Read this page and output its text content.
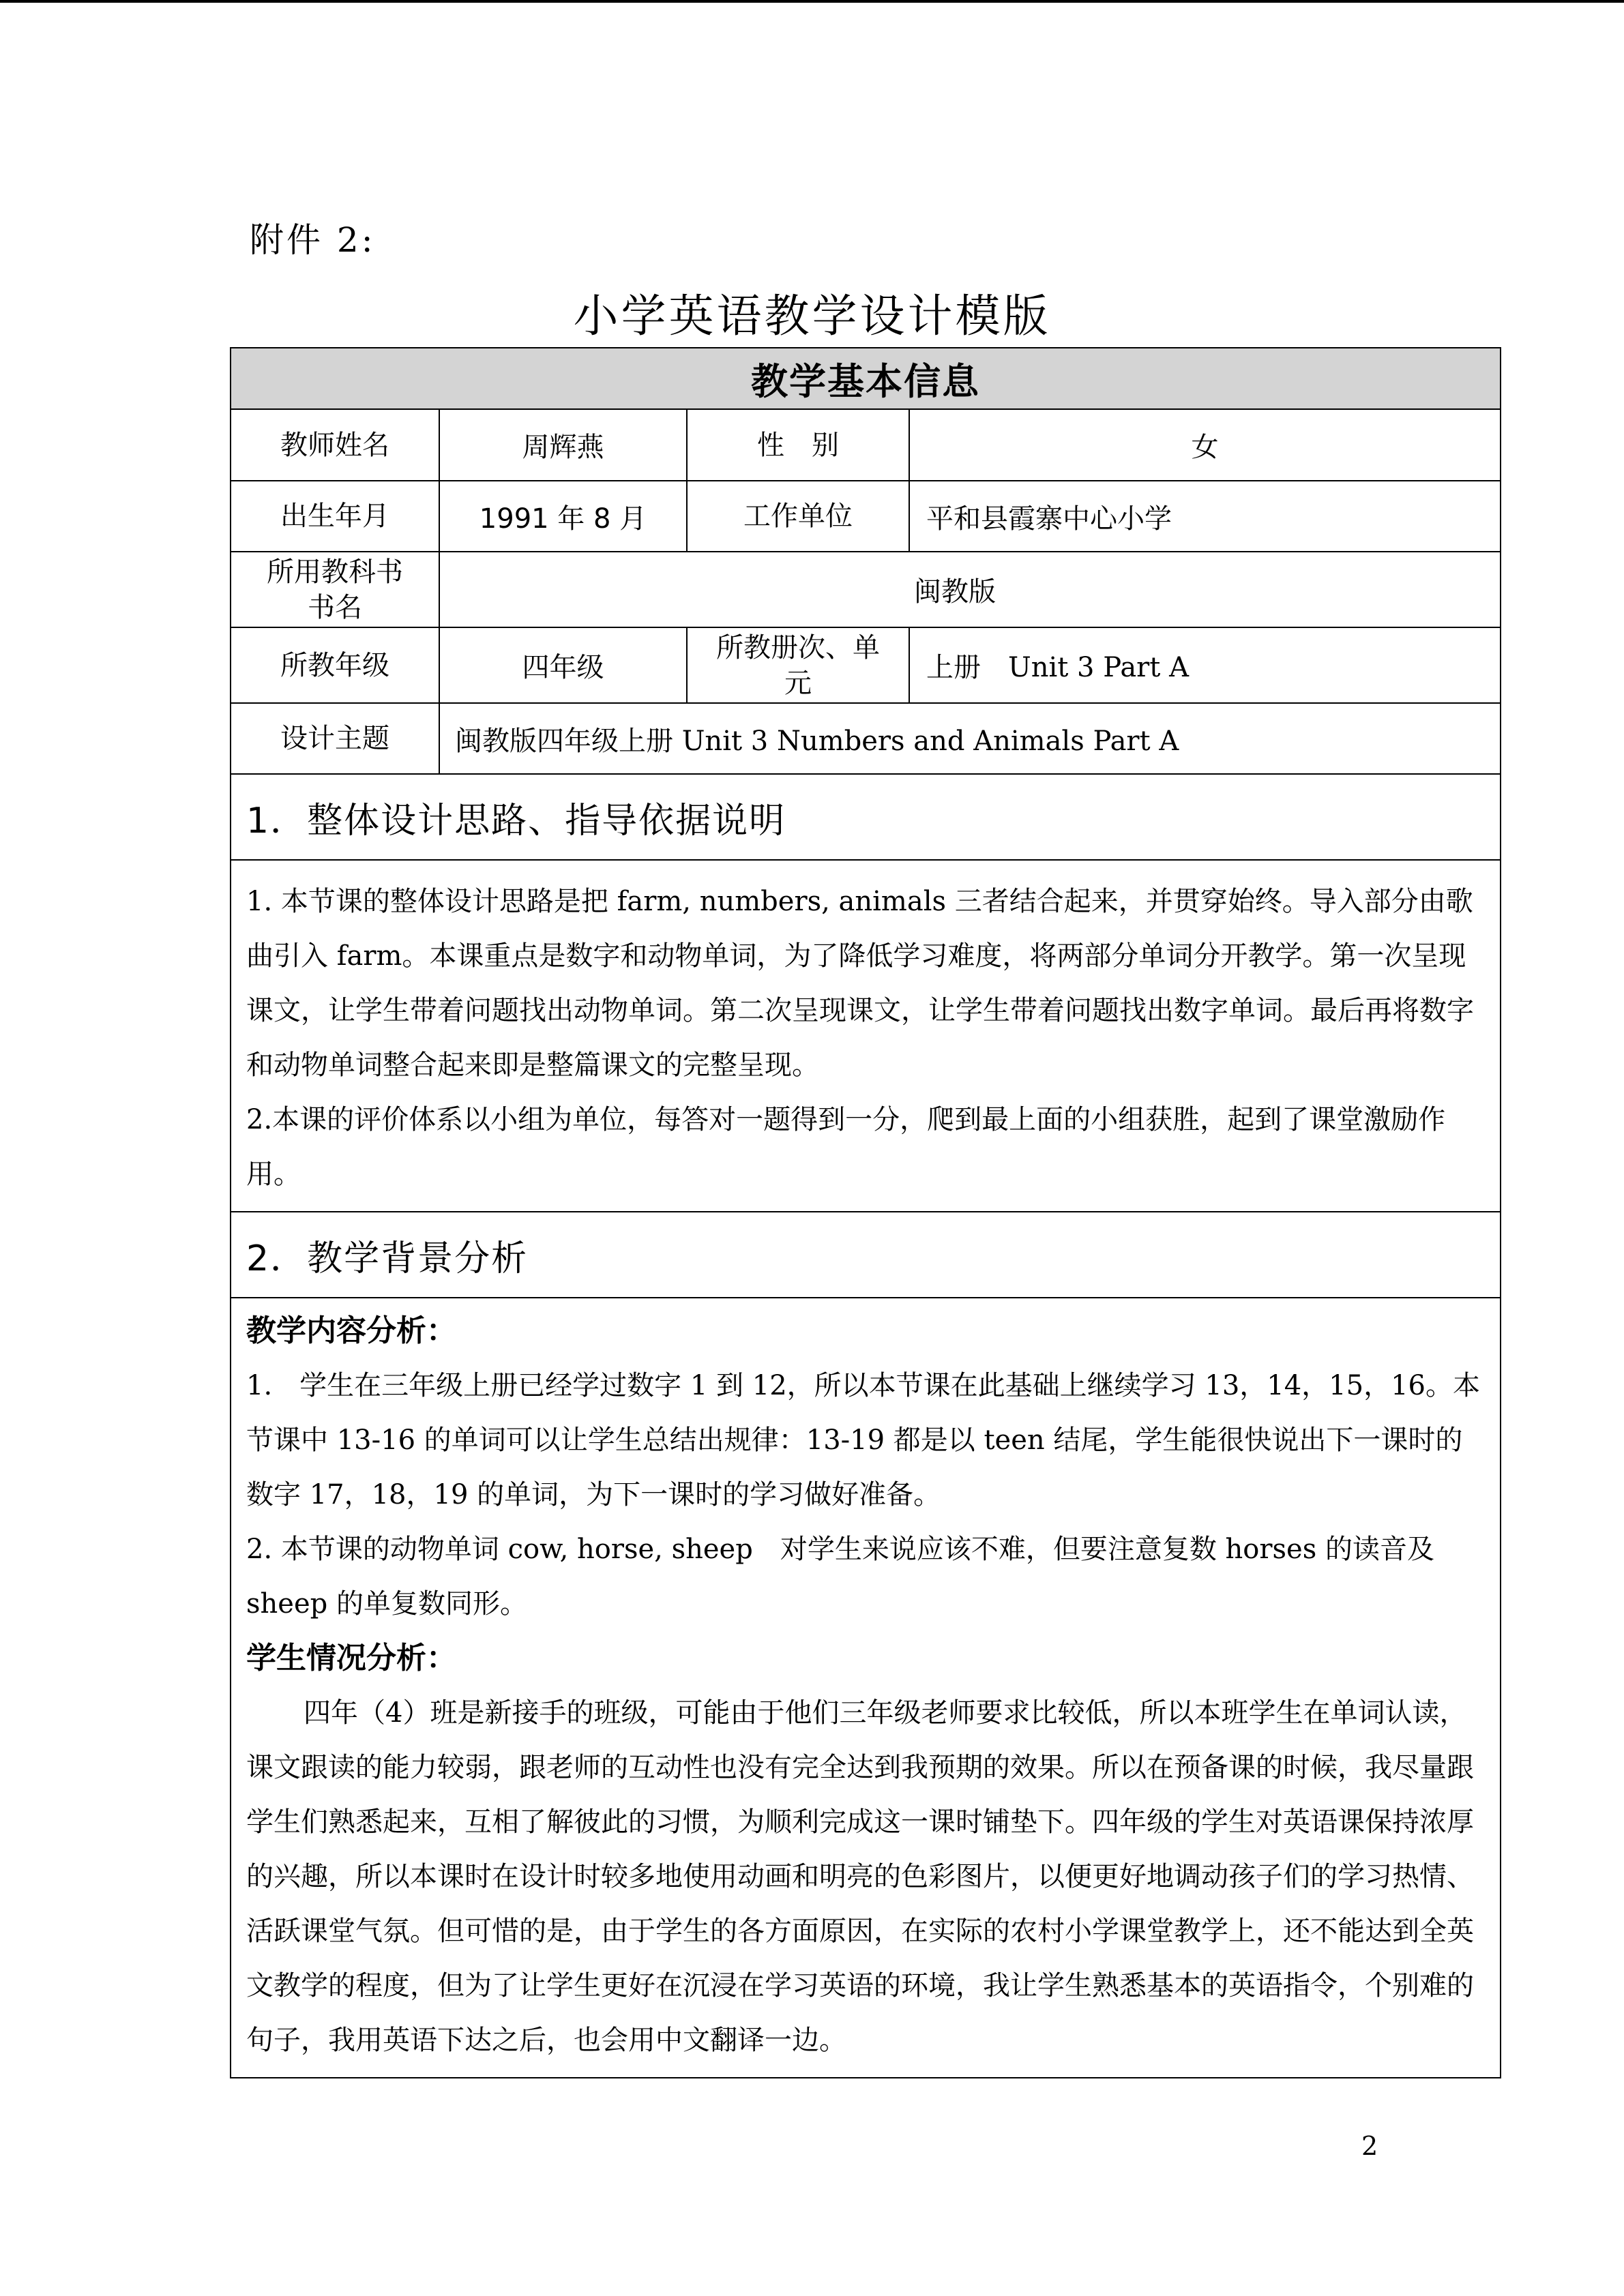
附件 2:
小学英语教学设计模版
教学基本信息			
教师姓名	周辉燕	性　别	女
出生年月	1991 年 8 月	工作单位	平和县霞寨中心小学
所用教科书书名	闽教版		
所教年级	四年级	所教册次、单元	上册 Unit 3 Part A
设计主题	闽教版四年级上册 Unit 3 Numbers and Animals Part A		
1．整体设计思路、指导依据说明			

1. 本节课的整体设计思路是把 farm, numbers, animals 三者结合起来，并贯穿始终。导入部分由歌曲引入 farm。本课重点是数字和动物单词，为了降低学习难度，将两部分单词分开教学。第一次呈现课文，让学生带着问题找出动物单词。第二次呈现课文，让学生带着问题找出数字单词。最后再将数字和动物单词整合起来即是整篇课文的完整呈现。

2.本课的评价体系以小组为单位，每答对一题得到一分，爬到最上面的小组获胜，起到了课堂激励作用。			

2．教学背景分析			

教学内容分析：

1.　学生在三年级上册已经学过数字 1 到 12，所以本节课在此基础上继续学习 13，14，15，16。本节课中 13-16 的单词可以让学生总结出规律：13-19 都是以 teen 结尾，学生能很快说出下一课时的数字 17，18，19 的单词，为下一课时的学习做好准备。

2. 本节课的动物单词 cow, horse, sheep　对学生来说应该不难，但要注意复数 horses 的读音及 sheep 的单复数同形。

学生情况分析：

四年（4）班是新接手的班级，可能由于他们三年级老师要求比较低，所以本班学生在单词认读，课文跟读的能力较弱，跟老师的互动性也没有完全达到我预期的效果。所以在预备课的时候，我尽量跟学生们熟悉起来，互相了解彼此的习惯，为顺利完成这一课时铺垫下。四年级的学生对英语课保持浓厚的兴趣，所以本课时在设计时较多地使用动画和明亮的色彩图片，以便更好地调动孩子们的学习热情、活跃课堂气氛。但可惜的是，由于学生的各方面原因，在实际的农村小学课堂教学上，还不能达到全英文教学的程度，但为了让学生更好在沉浸在学习英语的环境，我让学生熟悉基本的英语指令，个别难的句子，我用英语下达之后，也会用中文翻译一边。			

2
